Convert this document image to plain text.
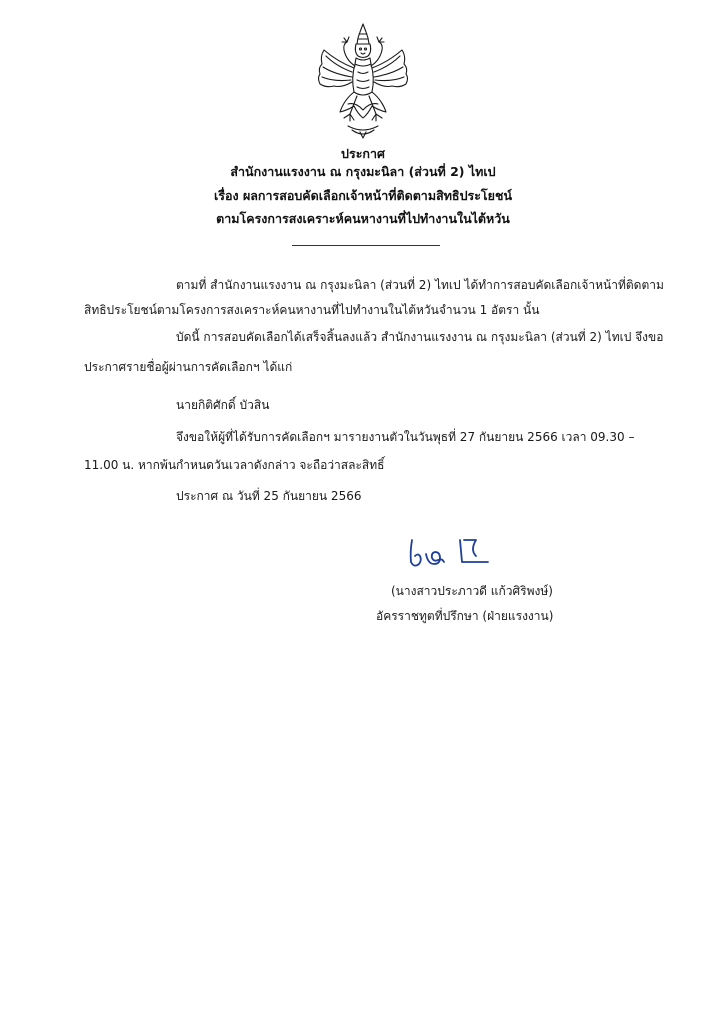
ประกาศ
สำนักงานแรงงาน ณ กรุงมะนิลา (ส่วนที่ 2) ไทเป
เรื่อง ผลการสอบคัดเลือกเจ้าหน้าที่ติดตามสิทธิประโยชน์
ตามโครงการสงเคราะห์คนหางานที่ไปทำงานในไต้หวัน
ตามที่ สำนักงานแรงงาน ณ กรุงมะนิลา (ส่วนที่ 2) ไทเป ได้ทำการสอบคัดเลือกเจ้าหน้าที่ติดตาม
สิทธิประโยชน์ตามโครงการสงเคราะห์คนหางานที่ไปทำงานในไต้หวันจำนวน 1 อัตรา นั้น
บัดนี้ การสอบคัดเลือกได้เสร็จสิ้นลงแล้ว สำนักงานแรงงาน ณ กรุงมะนิลา (ส่วนที่ 2) ไทเป จึงขอ
ประกาศรายชื่อผู้ผ่านการคัดเลือกฯ ได้แก่
นายกิติศักดิ์ บัวสิน
จึงขอให้ผู้ที่ได้รับการคัดเลือกฯ มารายงานตัวในวันพุธที่ 27 กันยายน 2566 เวลา 09.30 –
11.00 น. หากพ้นกำหนดวันเวลาดังกล่าว จะถือว่าสละสิทธิ์
ประกาศ ณ วันที่ 25 กันยายน 2566
(นางสาวประภาวดี แก้วศิริพงษ์)
อัครราชทูตที่ปรึกษา (ฝ่ายแรงงาน)
